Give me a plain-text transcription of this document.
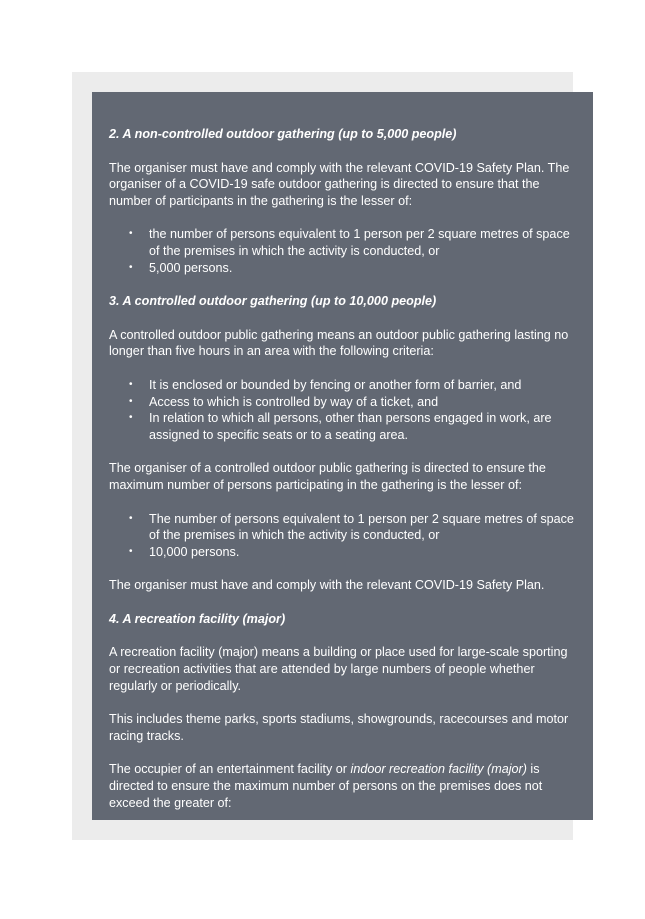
2. A non-controlled outdoor gathering (up to 5,000 people)

The organiser must have and comply with the relevant COVID-19 Safety Plan. The organiser of a COVID-19 safe outdoor gathering is directed to ensure that the number of participants in the gathering is the lesser of:

• the number of persons equivalent to 1 person per 2 square metres of space of the premises in which the activity is conducted, or
• 5,000 persons.

3. A controlled outdoor gathering (up to 10,000 people)

A controlled outdoor public gathering means an outdoor public gathering lasting no longer than five hours in an area with the following criteria:

• It is enclosed or bounded by fencing or another form of barrier, and
• Access to which is controlled by way of a ticket, and
• In relation to which all persons, other than persons engaged in work, are assigned to specific seats or to a seating area.

The organiser of a controlled outdoor public gathering is directed to ensure the maximum number of persons participating in the gathering is the lesser of:

• The number of persons equivalent to 1 person per 2 square metres of space of the premises in which the activity is conducted, or
• 10,000 persons.

The organiser must have and comply with the relevant COVID-19 Safety Plan.

4. A recreation facility (major)

A recreation facility (major) means a building or place used for large-scale sporting or recreation activities that are attended by large numbers of people whether regularly or periodically.

This includes theme parks, sports stadiums, showgrounds, racecourses and motor racing tracks.

The occupier of an entertainment facility or indoor recreation facility (major) is directed to ensure the maximum number of persons on the premises does not exceed the greater of:
